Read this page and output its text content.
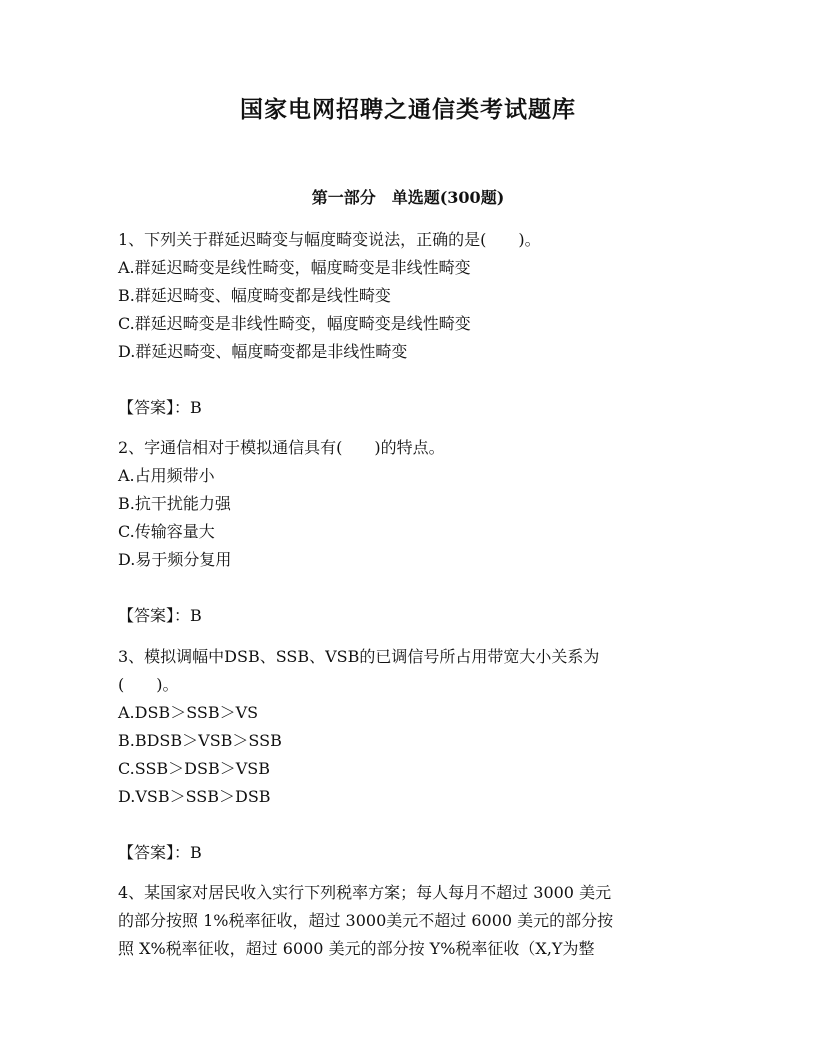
国家电网招聘之通信类考试题库
第一部分　单选题(300题)
1、下列关于群延迟畸变与幅度畸变说法，正确的是(　　)。
A.群延迟畸变是线性畸变，幅度畸变是非线性畸变
B.群延迟畸变、幅度畸变都是线性畸变
C.群延迟畸变是非线性畸变，幅度畸变是线性畸变
D.群延迟畸变、幅度畸变都是非线性畸变
【答案】：B
2、字通信相对于模拟通信具有(　　)的特点。
A.占用频带小
B.抗干扰能力强
C.传输容量大
D.易于频分复用
【答案】：B
3、模拟调幅中DSB、SSB、VSB的已调信号所占用带宽大小关系为
(　　)。
A.DSB＞SSB＞VS
B.BDSB＞VSB＞SSB
C.SSB＞DSB＞VSB
D.VSB＞SSB＞DSB
【答案】：B
4、某国家对居民收入实行下列税率方案；每人每月不超过 3000 美元
的部分按照 1%税率征收，超过 3000美元不超过 6000 美元的部分按
照 X%税率征收，超过 6000 美元的部分按 Y%税率征收（X,Y为整
